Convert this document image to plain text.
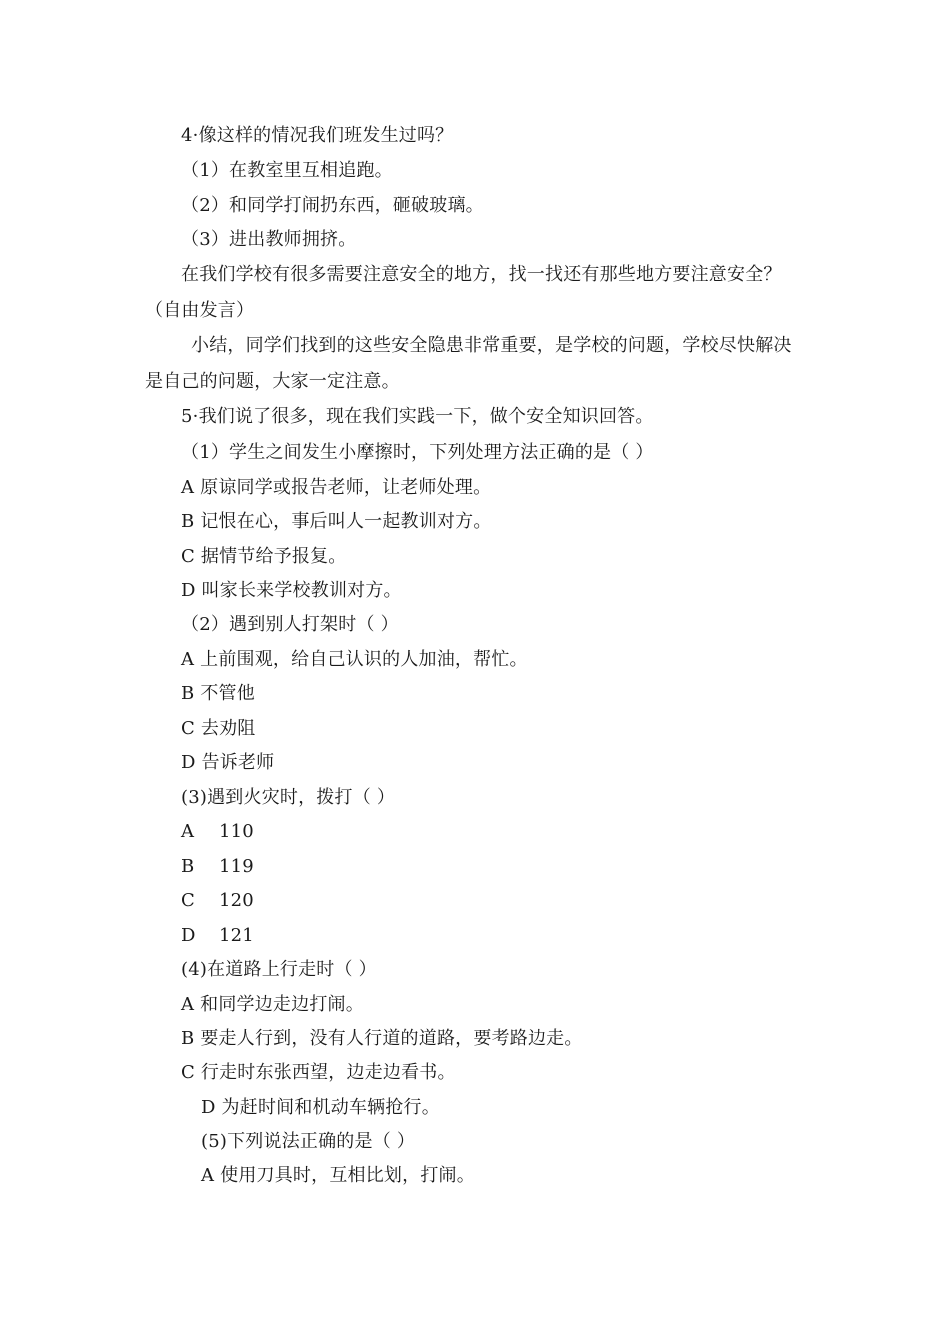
4·像这样的情况我们班发生过吗？
（1）在教室里互相追跑。
（2）和同学打闹扔东西，砸破玻璃。
（3）进出教师拥挤。
在我们学校有很多需要注意安全的地方，找一找还有那些地方要注意安全？
（自由发言）
小结，同学们找到的这些安全隐患非常重要，是学校的问题，学校尽快解决
是自己的问题，大家一定注意。
5·我们说了很多，现在我们实践一下，做个安全知识回答。
（1）学生之间发生小摩擦时，下列处理方法正确的是（ ）
A 原谅同学或报告老师，让老师处理。
B 记恨在心，事后叫人一起教训对方。
C 据情节给予报复。
D 叫家长来学校教训对方。
（2）遇到别人打架时（ ）
A 上前围观，给自己认识的人加油，帮忙。
B 不管他
C 去劝阻
D 告诉老师
(3)遇到火灾时，拨打（ ）
A 110
B 119
C 120
D 121
(4)在道路上行走时（ ）
A 和同学边走边打闹。
B 要走人行到，没有人行道的道路，要考路边走。
C 行走时东张西望，边走边看书。
D 为赶时间和机动车辆抢行。
(5)下列说法正确的是（ ）
A 使用刀具时，互相比划，打闹。
